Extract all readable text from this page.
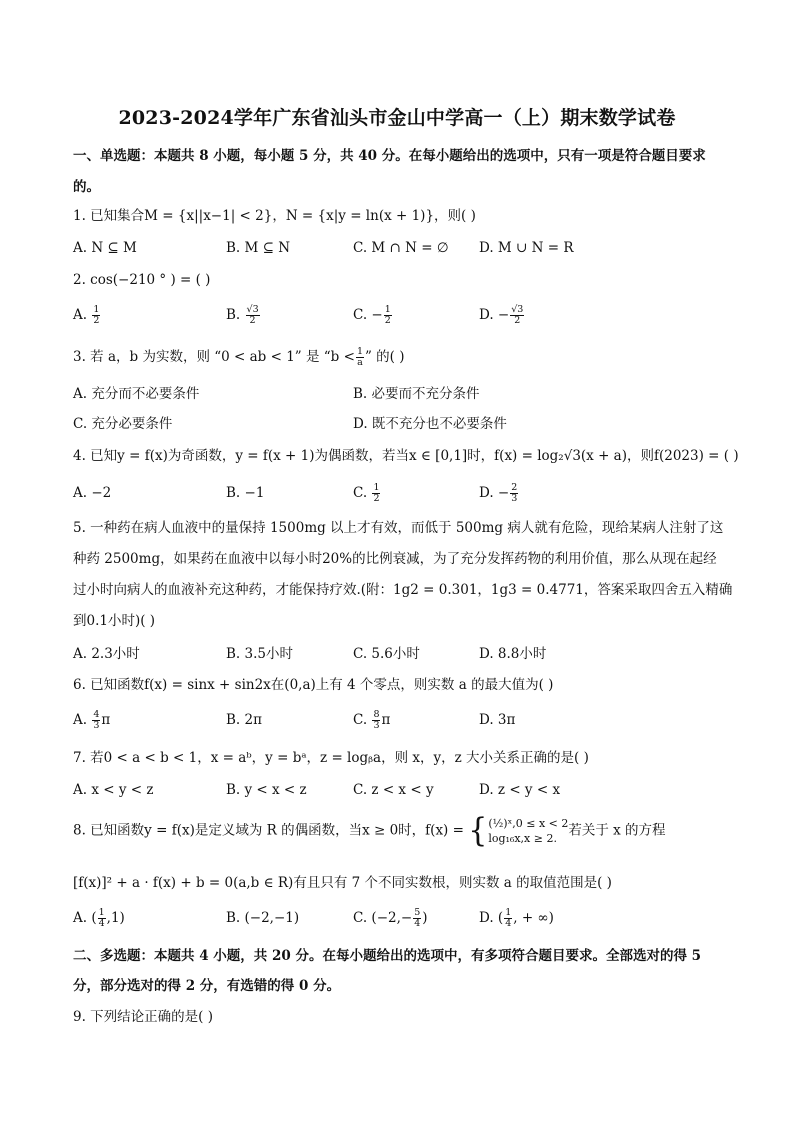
2023-2024学年广东省汕头市金山中学高一（上）期末数学试卷
一、单选题：本题共 8 小题，每小题 5 分，共 40 分。在每小题给出的选项中，只有一项是符合题目要求
的。
1. 已知集合M = {x||x−1| < 2}，N = {x|y = ln(x + 1)}，则( )
A. N ⊆ M	B. M ⊆ N	C. M ∩ N = ∅ D. M ∪ N = R
2. cos(−210 ° ) = ( )
A. $\frac{1}{2}$	B. $\frac{√3}{2}$	C. − $\frac{1}{2}$	D. − $\frac{√3}{2}$
3. 若 a，b 为实数，则 “0 < ab < 1” 是 “$b < \frac{1}{a}$ ” 的( )
A. 充分而不必要条件	B. 必要而不充分条件
C. 充分必要条件	D. 既不充分也不必要条件
4. 已知y = f(x)为奇函数，y = f(x + 1)为偶函数，若当x ∈ [0,1]时，f(x) = log₂√3(x + a)，则f(2023) = ( )
A. −2	B. −1	C. $\frac{1}{2}$	D. − $\frac{2}{3}$
5. 一种药在病人血液中的量保持 1500mg 以上才有效，而低于 500mg 病人就有危险，现给某病人注射了这
种药 2500mg，如果药在血液中以每小时20%的比例衰减，为了充分发挥药物的利用价值，那么从现在起经
过小时向病人的血液补充这种药，才能保持疗效.(附：1g2 = 0.301，1g3 = 0.4771，答案采取四舍五入精确
到0.1小时)( )
A. 2.3小时	B. 3.5小时	C. 5.6小时	D. 8.8小时
6. 已知函数f(x) = sinx + sin2x在(0,a)上有 4 个零点，则实数 a 的最大值为( )
A. $\frac{4}{3}$ π	B. 2π	C. $\frac{8}{3}$ π	D. 3π
7. 若0 < a < b < 1，x = aᵇ，y = bᵃ，z = logᵦa，则 x，y，z 大小关系正确的是( )
A. x < y < z	B. y < x < z	C. z < x < y	D. z < y < x
8. 已知函数y = f(x)是定义域为 R 的偶函数，当x ≥ 0时，f(x) = { (½)ˣ,0 ≤ x < 2
log₁₆x,x ≥ 2. 若关于 x 的方程
[f(x)]² + a · f(x) + b = 0(a,b ∈ R)有且只有 7 个不同实数根，则实数 a 的取值范围是( )
A. ( $\frac{1}{4} ,1$)	B. (−2,−1)	C. ($-2,- \frac{5}{4}$ )	D. ( $\frac{1}{4}$ , + ∞)
二、多选题：本题共 4 小题，共 20 分。在每小题给出的选项中，有多项符合题目要求。全部选对的得 5
分，部分选对的得 2 分，有选错的得 0 分。
9. 下列结论正确的是( )
